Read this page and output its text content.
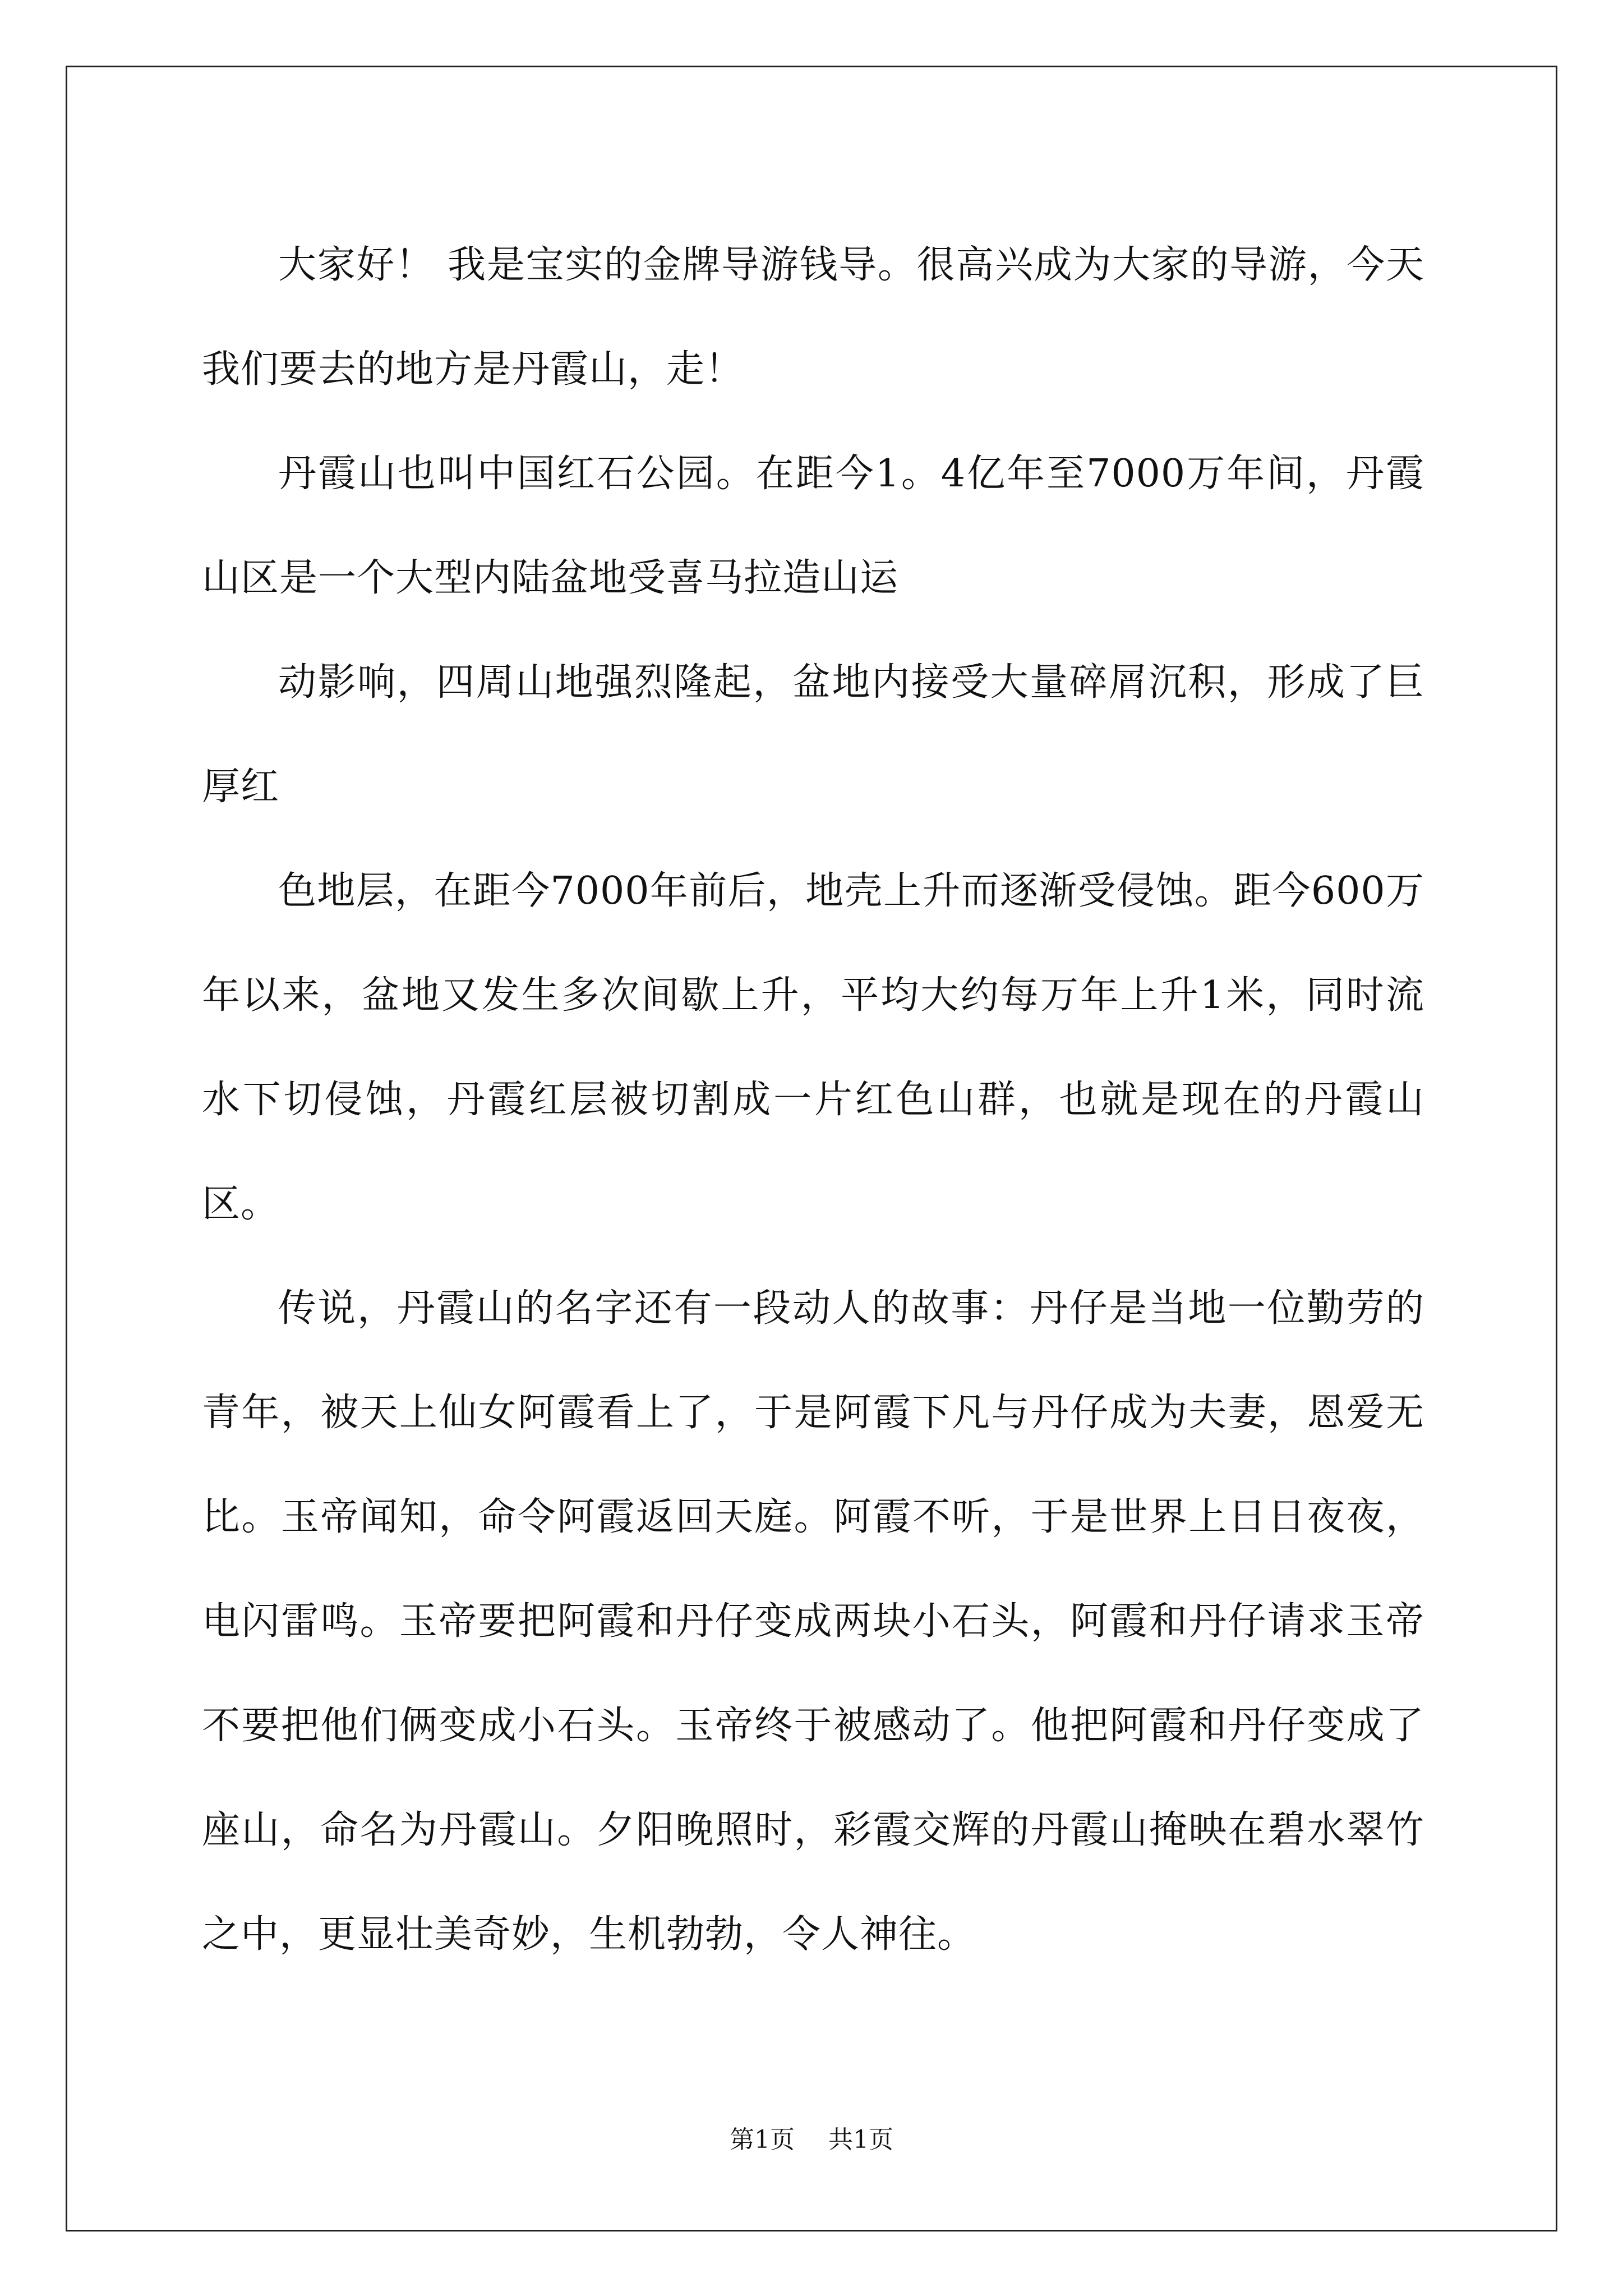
大家好！ 我是宝实的金牌导游钱导。很高兴成为大家的导游，今天我们要去的地方是丹霞山，走！

丹霞山也叫中国红石公园。在距今1。4亿年至7000万年间，丹霞山区是一个大型内陆盆地受喜马拉造山运

动影响，四周山地强烈隆起，盆地内接受大量碎屑沉积，形成了巨厚红

色地层，在距今7000年前后，地壳上升而逐渐受侵蚀。距今600万年以来，盆地又发生多次间歇上升，平均大约每万年上升1米，同时流水下切侵蚀，丹霞红层被切割成一片红色山群，也就是现在的丹霞山区。

传说，丹霞山的名字还有一段动人的故事：丹仔是当地一位勤劳的青年，被天上仙女阿霞看上了，于是阿霞下凡与丹仔成为夫妻，恩爱无比。玉帝闻知，命令阿霞返回天庭。阿霞不听，于是世界上日日夜夜，电闪雷鸣。玉帝要把阿霞和丹仔变成两块小石头，阿霞和丹仔请求玉帝不要把他们俩变成小石头。玉帝终于被感动了。他把阿霞和丹仔变成了座山，命名为丹霞山。夕阳晚照时，彩霞交辉的丹霞山掩映在碧水翠竹之中，更显壮美奇妙，生机勃勃，令人神往。

第1页 共1页
